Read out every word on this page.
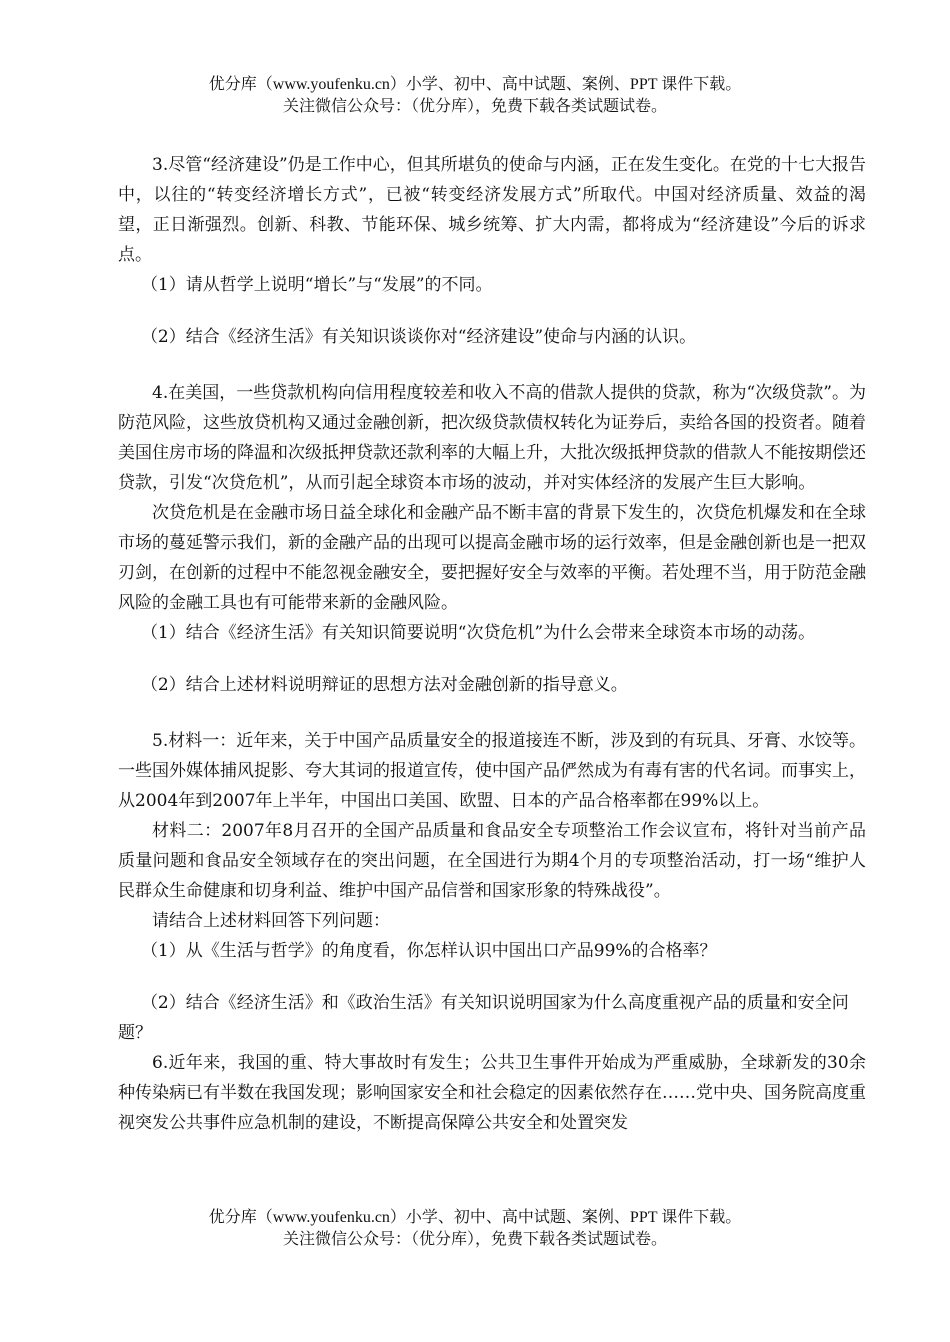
优分库（www.youfenku.cn）小学、初中、高中试题、案例、PPT 课件下载。
关注微信公众号：（优分库），免费下载各类试题试卷。

3.尽管“经济建设”仍是工作中心，但其所堪负的使命与内涵，正在发生变化。在党的十七大报告中，以往的“转变经济增长方式”，已被“转变经济发展方式”所取代。中国对经济质量、效益的渴望，正日渐强烈。创新、科教、节能环保、城乡统筹、扩大内需，都将成为“经济建设”今后的诉求点。

（1）请从哲学上说明“增长”与“发展”的不同。

（2）结合《经济生活》有关知识谈谈你对“经济建设”使命与内涵的认识。

4.在美国，一些贷款机构向信用程度较差和收入不高的借款人提供的贷款，称为“次级贷款”。为防范风险，这些放贷机构又通过金融创新，把次级贷款债权转化为证券后，卖给各国的投资者。随着美国住房市场的降温和次级抵押贷款还款利率的大幅上升，大批次级抵押贷款的借款人不能按期偿还贷款，引发“次贷危机”，从而引起全球资本市场的波动，并对实体经济的发展产生巨大影响。

次贷危机是在金融市场日益全球化和金融产品不断丰富的背景下发生的，次贷危机爆发和在全球市场的蔓延警示我们，新的金融产品的出现可以提高金融市场的运行效率，但是金融创新也是一把双刃剑，在创新的过程中不能忽视金融安全，要把握好安全与效率的平衡。若处理不当，用于防范金融风险的金融工具也有可能带来新的金融风险。

（1）结合《经济生活》有关知识简要说明“次贷危机”为什么会带来全球资本市场的动荡。

（2）结合上述材料说明辩证的思想方法对金融创新的指导意义。

5.材料一：近年来，关于中国产品质量安全的报道接连不断，涉及到的有玩具、牙膏、水饺等。一些国外媒体捕风捉影、夸大其词的报道宣传，使中国产品俨然成为有毒有害的代名词。而事实上，从2004年到2007年上半年，中国出口美国、欧盟、日本的产品合格率都在99%以上。

材料二：2007年8月召开的全国产品质量和食品安全专项整治工作会议宣布，将针对当前产品质量问题和食品安全领域存在的突出问题，在全国进行为期4个月的专项整治活动，打一场“维护人民群众生命健康和切身利益、维护中国产品信誉和国家形象的特殊战役”。

请结合上述材料回答下列问题：

（1）从《生活与哲学》的角度看，你怎样认识中国出口产品99%的合格率？

（2）结合《经济生活》和《政治生活》有关知识说明国家为什么高度重视产品的质量和安全问题？

6.近年来，我国的重、特大事故时有发生；公共卫生事件开始成为严重威胁，全球新发的30余种传染病已有半数在我国发现；影响国家安全和社会稳定的因素依然存在……党中央、国务院高度重视突发公共事件应急机制的建设，不断提高保障公共安全和处置突发

优分库（www.youfenku.cn）小学、初中、高中试题、案例、PPT 课件下载。
关注微信公众号：（优分库），免费下载各类试题试卷。
